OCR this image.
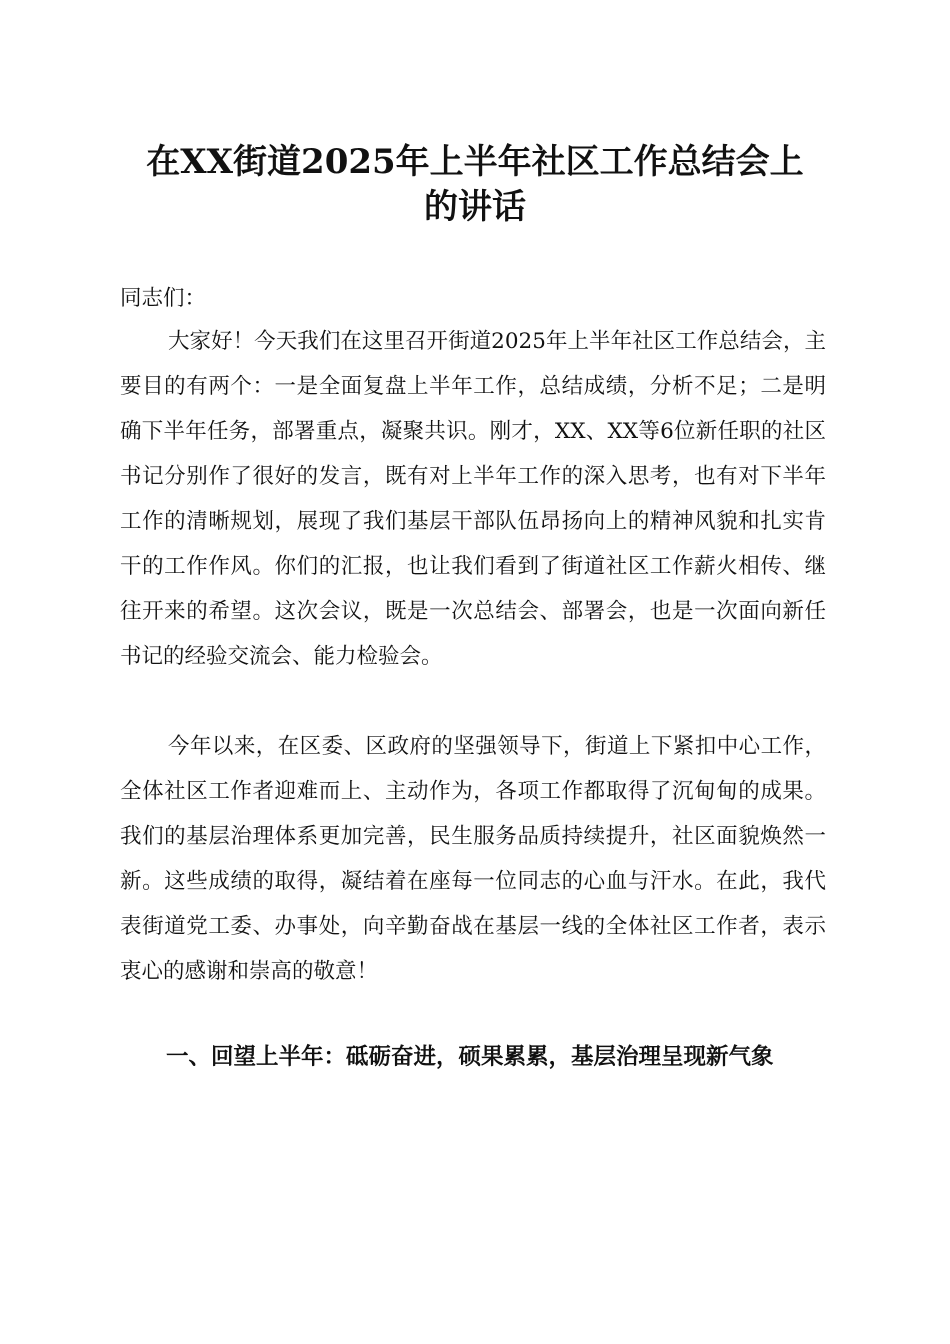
在XX街道2025年上半年社区工作总结会上
的讲话

同志们：

大家好！今天我们在这里召开街道2025年上半年社区工作总结会，主要目的有两个：一是全面复盘上半年工作，总结成绩，分析不足；二是明确下半年任务，部署重点，凝聚共识。刚才，XX、XX等6位新任职的社区书记分别作了很好的发言，既有对上半年工作的深入思考，也有对下半年工作的清晰规划，展现了我们基层干部队伍昂扬向上的精神风貌和扎实肯干的工作作风。你们的汇报，也让我们看到了街道社区工作薪火相传、继往开来的希望。这次会议，既是一次总结会、部署会，也是一次面向新任书记的经验交流会、能力检验会。

今年以来，在区委、区政府的坚强领导下，街道上下紧扣中心工作，全体社区工作者迎难而上、主动作为，各项工作都取得了沉甸甸的成果。我们的基层治理体系更加完善，民生服务品质持续提升，社区面貌焕然一新。这些成绩的取得，凝结着在座每一位同志的心血与汗水。在此，我代表街道党工委、办事处，向辛勤奋战在基层一线的全体社区工作者，表示衷心的感谢和崇高的敬意！

一、回望上半年：砥砺奋进，硕果累累，基层治理呈现新气象
